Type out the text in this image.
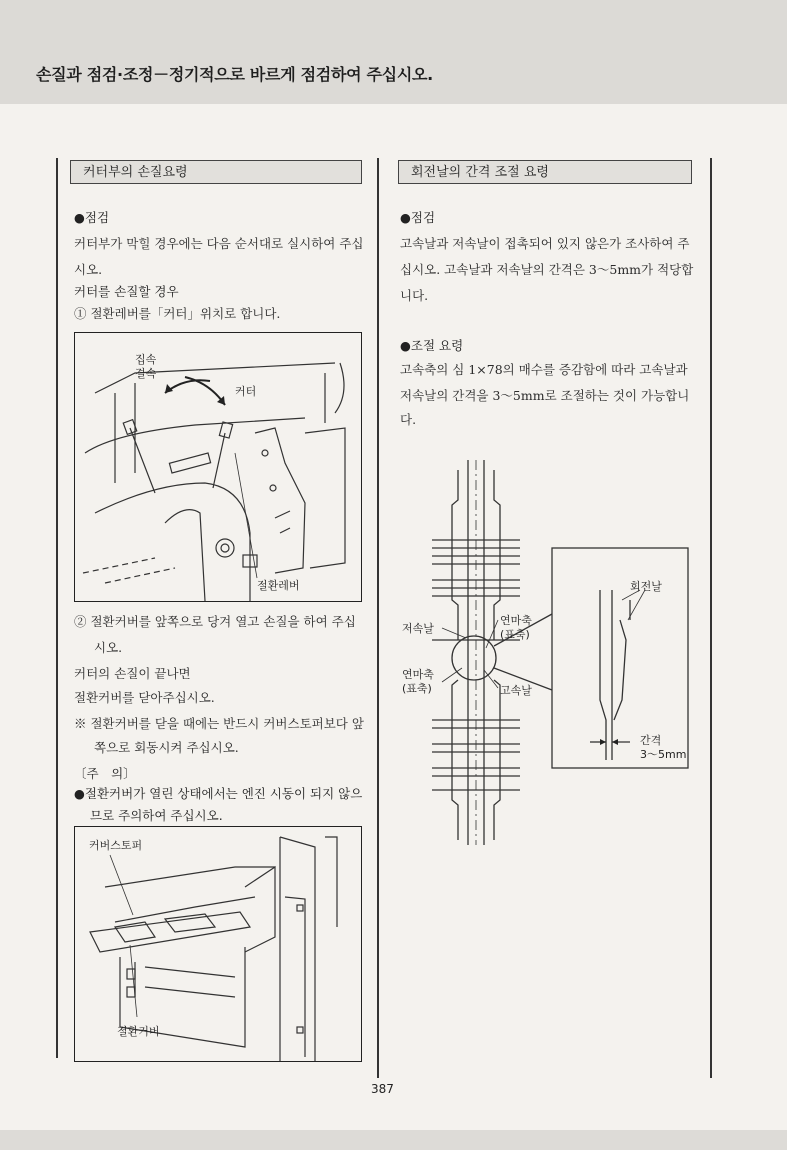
손질과 점검·조정－정기적으로 바르게 점검하여 주십시오.
커터부의 손질요령
●점검
커터부가 막힐 경우에는 다음 순서대로 실시하여 주십
시오.
커터를 손질할 경우
① 절환레버를「커터」위치로 합니다.
집속
결속
커터
절환레버
② 절환커버를 앞쪽으로 당겨 열고 손질을 하여 주십
시오.
커터의 손질이 끝나면
절환커버를 닫아주십시오.
※ 절환커버를 닫을 때에는 반드시 커버스토퍼보다 앞
쪽으로 회동시켜 주십시오.
〔주　의〕
●절환커버가 열린 상태에서는 엔진 시동이 되지 않으
므로 주의하여 주십시오.
커버스토퍼
절환커버
회전날의 간격 조절 요령
●점검
고속날과 저속날이 접촉되어 있지 않은가 조사하여 주
십시오. 고속날과 저속날의 간격은 3～5mm가 적당합
니다.
●조절 요령
고속축의 심 1×78의 매수를 증감함에 따라 고속날과
저속날의 간격을 3～5mm로 조절하는 것이 가능합니
다.
저속날
연마축
(표축)
연마축
(표축)	고속날
회전날
간격
3～5mm
387
